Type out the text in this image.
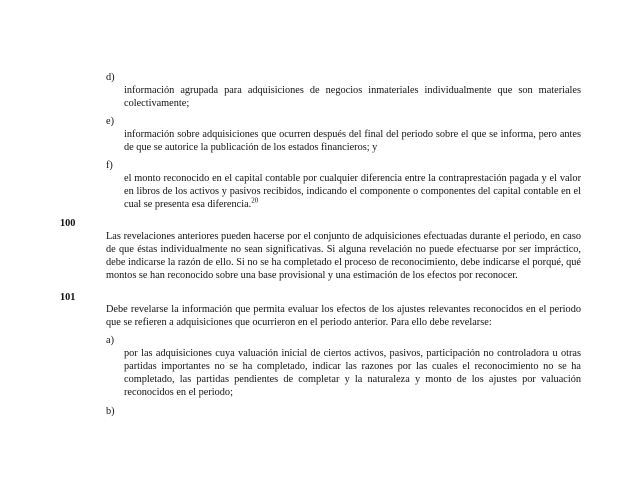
d)
información agrupada para adquisiciones de negocios inmateriales individualmente que son materiales colectivamente;
e)
información sobre adquisiciones que ocurren después del final del periodo sobre el que se informa, pero antes de que se autorice la publicación de los estados financieros; y
f)
el monto reconocido en el capital contable por cualquier diferencia entre la contraprestación pagada y el valor en libros de los activos y pasivos recibidos, indicando el componente o componentes del capital contable en el cual se presenta esa diferencia.$^{20}$
100
Las revelaciones anteriores pueden hacerse por el conjunto de adquisiciones efectuadas durante el periodo, en caso de que éstas individualmente no sean significativas. Si alguna revelación no puede efectuarse por ser impráctico, debe indicarse la razón de ello. Si no se ha completado el proceso de reconocimiento, debe indicarse el porqué, qué montos se han reconocido sobre una base provisional y una estimación de los efectos por reconocer.
101
Debe revelarse la información que permita evaluar los efectos de los ajustes relevantes reconocidos en el periodo que se refieren a adquisiciones que ocurrieron en el periodo anterior. Para ello debe revelarse:
a)
por las adquisiciones cuya valuación inicial de ciertos activos, pasivos, participación no controladora u otras partidas importantes no se ha completado, indicar las razones por las cuales el reconocimiento no se ha completado, las partidas pendientes de completar y la naturaleza y monto de los ajustes por valuación reconocidos en el periodo;
b)
